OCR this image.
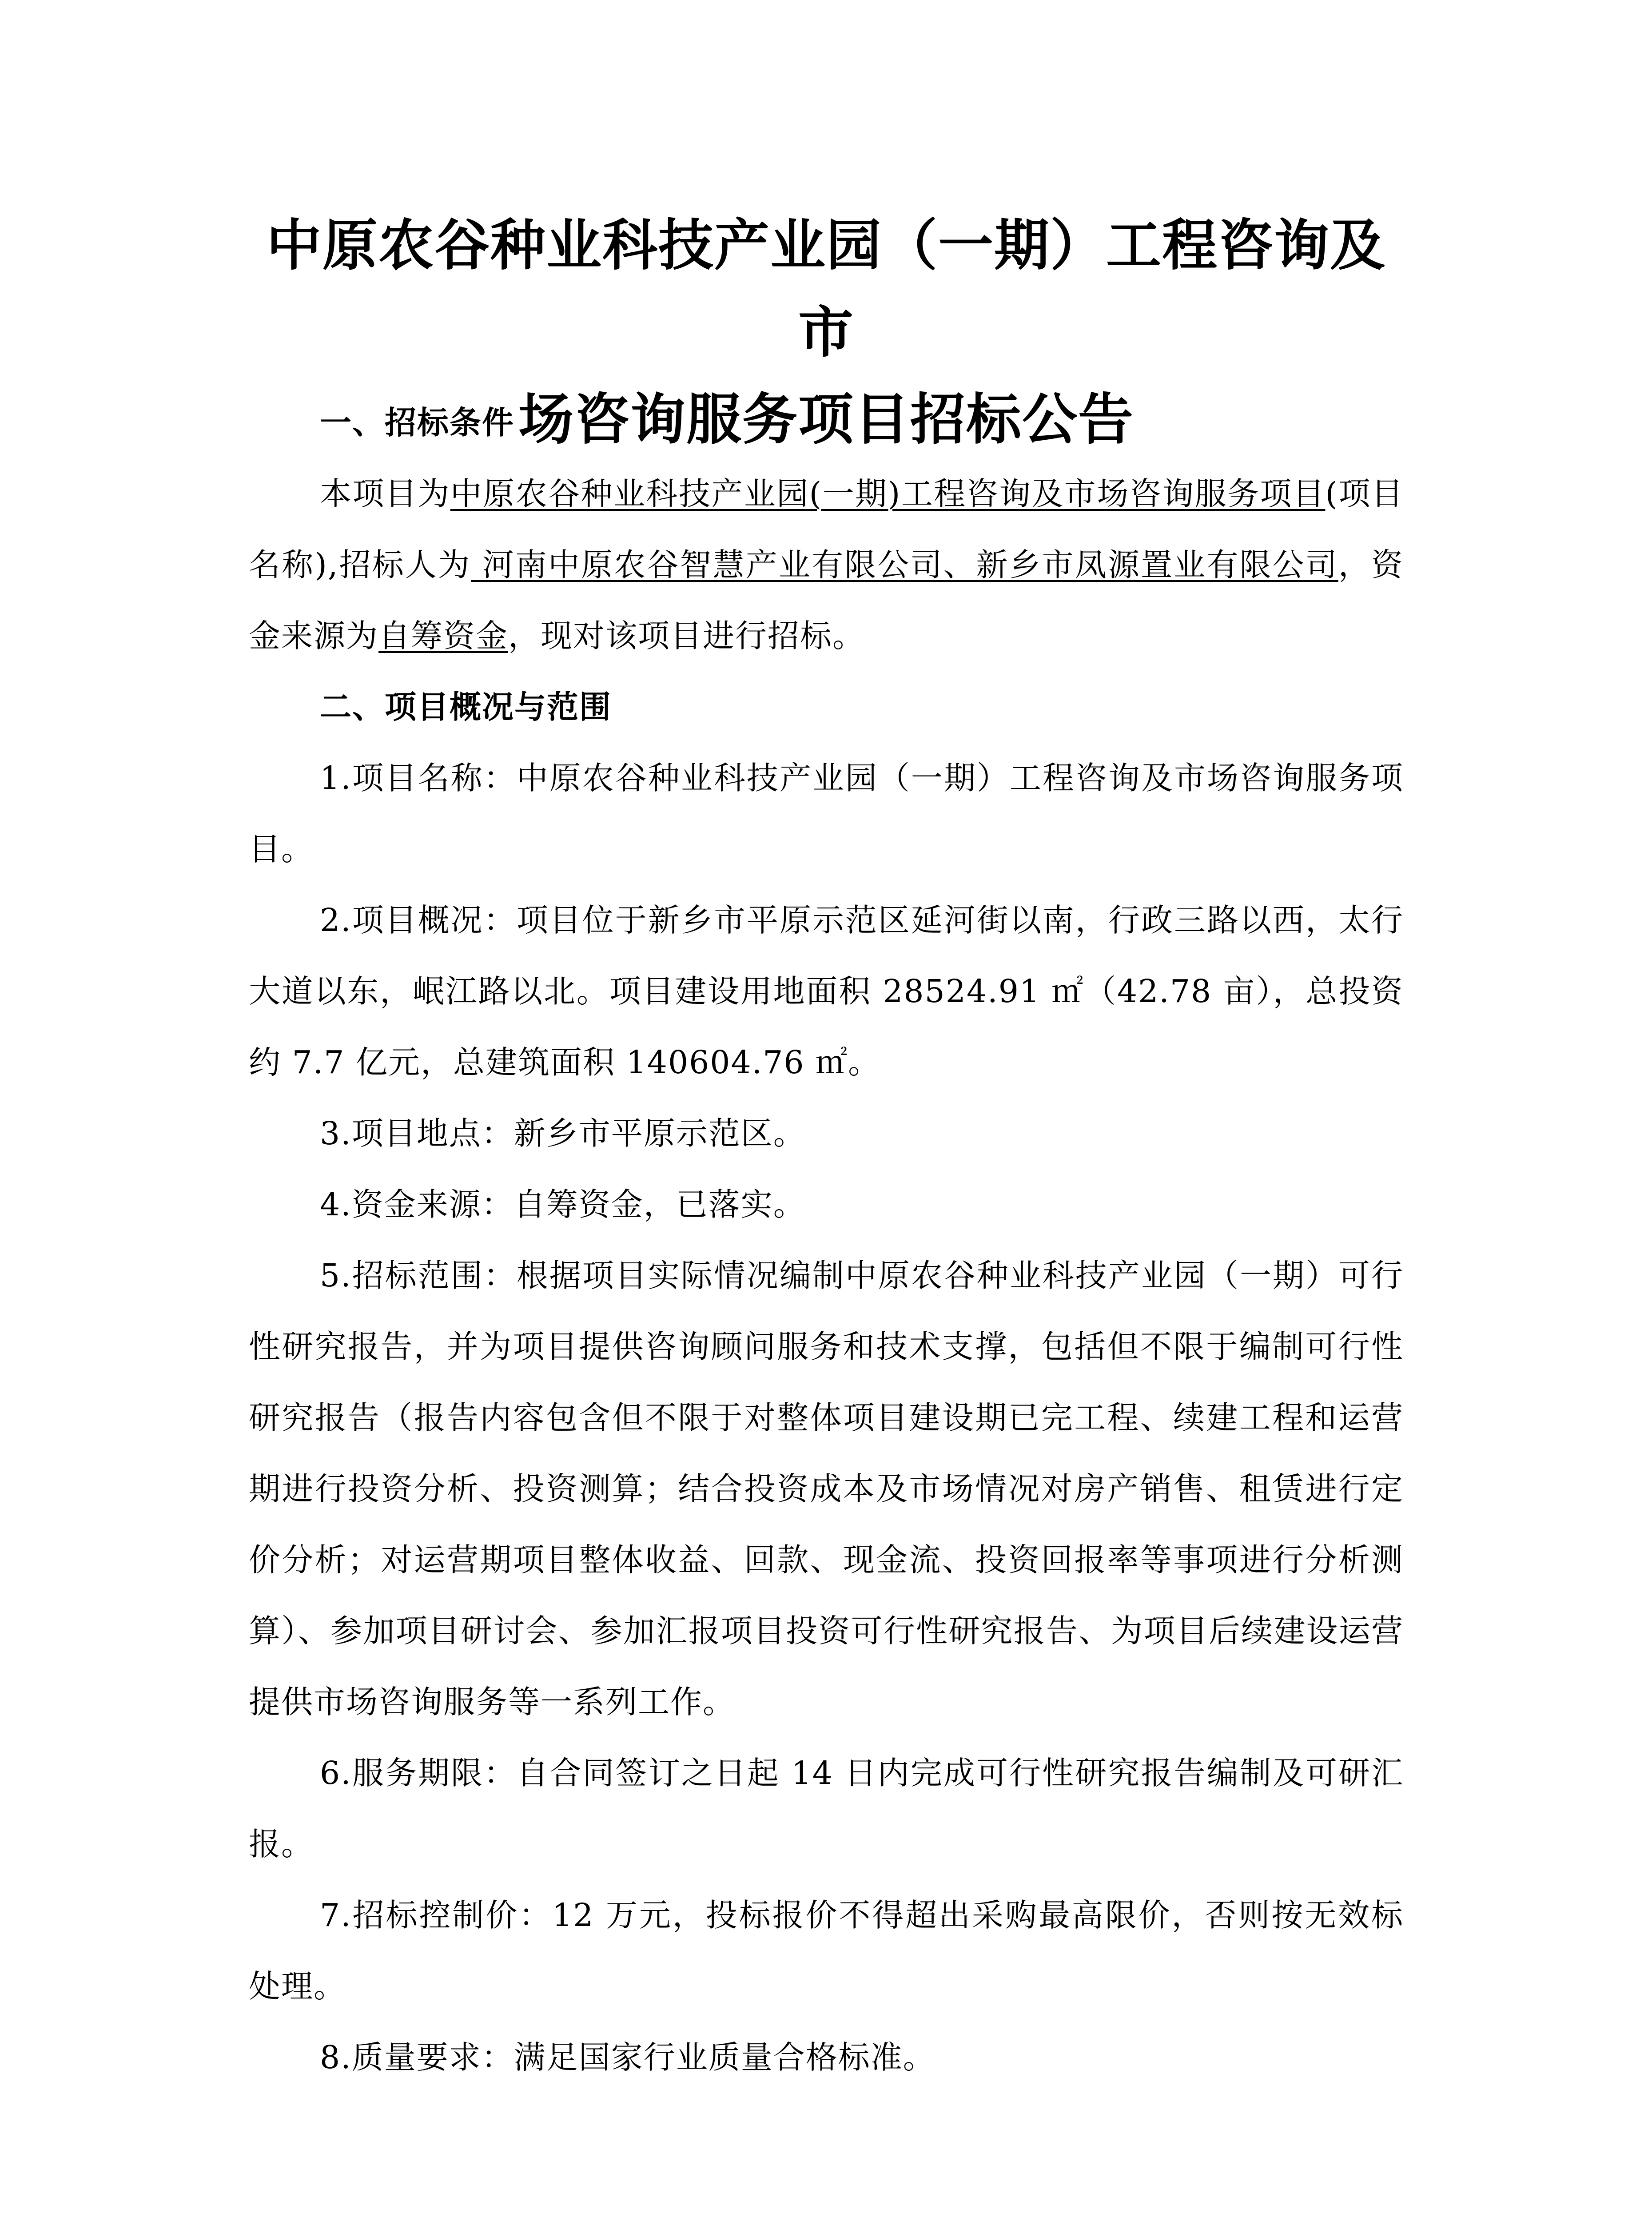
中原农谷种业科技产业园（一期）工程咨询及市
场咨询服务项目招标公告

一、招标条件

本项目为中原农谷种业科技产业园(一期)工程咨询及市场咨询服务项目(项目名称),招标人为 河南中原农谷智慧产业有限公司、新乡市凤源置业有限公司，资金来源为自筹资金，现对该项目进行招标。

二、项目概况与范围

1.项目名称：中原农谷种业科技产业园（一期）工程咨询及市场咨询服务项目。

2.项目概况：项目位于新乡市平原示范区延河街以南，行政三路以西，太行大道以东，岷江路以北。项目建设用地面积 28524.91 ㎡（42.78 亩），总投资约 7.7 亿元，总建筑面积 140604.76 ㎡。

3.项目地点：新乡市平原示范区。

4.资金来源：自筹资金，已落实。

5.招标范围：根据项目实际情况编制中原农谷种业科技产业园（一期）可行性研究报告，并为项目提供咨询顾问服务和技术支撑，包括但不限于编制可行性研究报告（报告内容包含但不限于对整体项目建设期已完工程、续建工程和运营期进行投资分析、投资测算；结合投资成本及市场情况对房产销售、租赁进行定价分析；对运营期项目整体收益、回款、现金流、投资回报率等事项进行分析测算）、参加项目研讨会、参加汇报项目投资可行性研究报告、为项目后续建设运营提供市场咨询服务等一系列工作。

6.服务期限：自合同签订之日起 14 日内完成可行性研究报告编制及可研汇报。

7.招标控制价：12 万元，投标报价不得超出采购最高限价，否则按无效标处理。

8.质量要求：满足国家行业质量合格标准。
